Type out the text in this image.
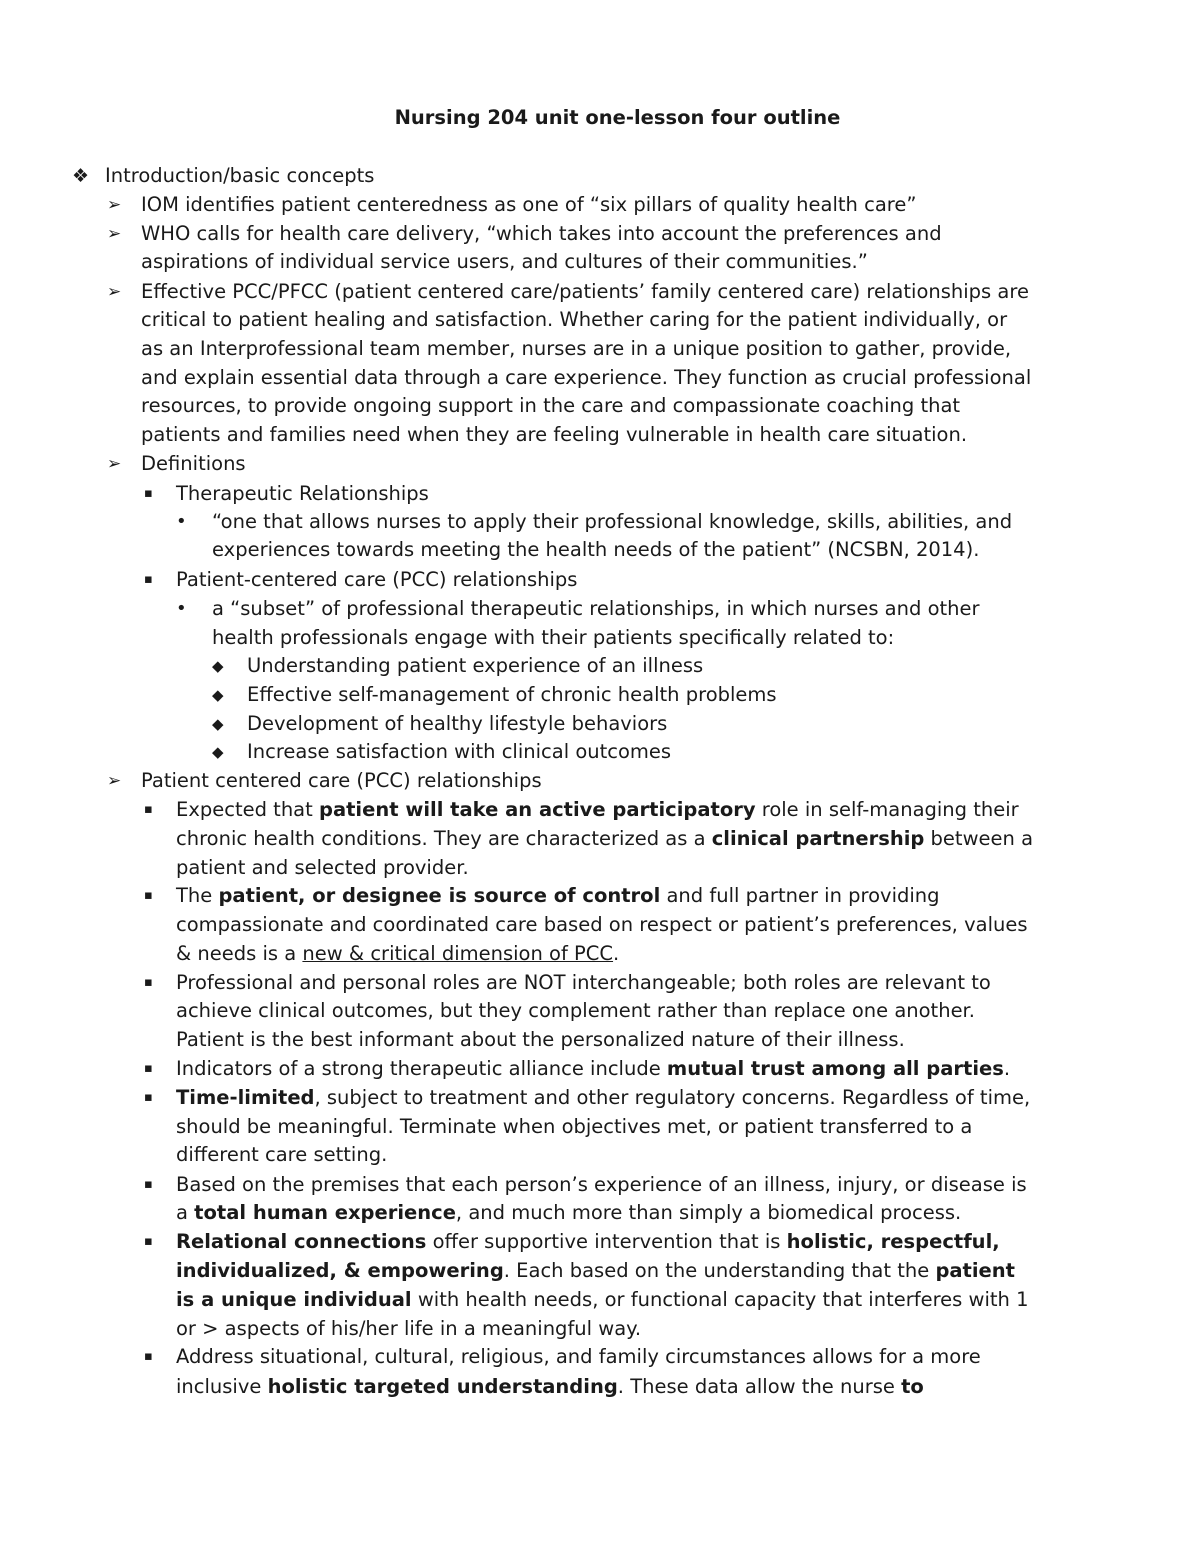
Nursing 204 unit one-lesson four outline
❖ Introduction/basic concepts
➢ IOM identifies patient centeredness as one of “six pillars of quality health care”
➢ WHO calls for health care delivery, “which takes into account the preferences and
aspirations of individual service users, and cultures of their communities.”
➢ Effective PCC/PFCC (patient centered care/patients’ family centered care) relationships are
critical to patient healing and satisfaction. Whether caring for the patient individually, or
as an Interprofessional team member, nurses are in a unique position to gather, provide,
and explain essential data through a care experience. They function as crucial professional
resources, to provide ongoing support in the care and compassionate coaching that
patients and families need when they are feeling vulnerable in health care situation.
➢ Definitions
▪ Therapeutic Relationships
• “one that allows nurses to apply their professional knowledge, skills, abilities, and
experiences towards meeting the health needs of the patient” (NCSBN, 2014).
▪ Patient-centered care (PCC) relationships
• a “subset” of professional therapeutic relationships, in which nurses and other
health professionals engage with their patients specifically related to:
◆ Understanding patient experience of an illness
◆ Effective self-management of chronic health problems
◆ Development of healthy lifestyle behaviors
◆ Increase satisfaction with clinical outcomes
➢ Patient centered care (PCC) relationships
▪ Expected that patient will take an active participatory role in self-managing their
chronic health conditions. They are characterized as a clinical partnership between a
patient and selected provider.
▪ The patient, or designee is source of control and full partner in providing
compassionate and coordinated care based on respect or patient’s preferences, values
& needs is a new & critical dimension of PCC.
▪ Professional and personal roles are NOT interchangeable; both roles are relevant to
achieve clinical outcomes, but they complement rather than replace one another.
Patient is the best informant about the personalized nature of their illness.
▪ Indicators of a strong therapeutic alliance include mutual trust among all parties.
▪ Time-limited, subject to treatment and other regulatory concerns. Regardless of time,
should be meaningful. Terminate when objectives met, or patient transferred to a
different care setting.
▪ Based on the premises that each person’s experience of an illness, injury, or disease is
a total human experience, and much more than simply a biomedical process.
▪ Relational connections offer supportive intervention that is holistic, respectful,
individualized, & empowering. Each based on the understanding that the patient
is a unique individual with health needs, or functional capacity that interferes with 1
or > aspects of his/her life in a meaningful way.
▪ Address situational, cultural, religious, and family circumstances allows for a more
inclusive holistic targeted understanding. These data allow the nurse to
